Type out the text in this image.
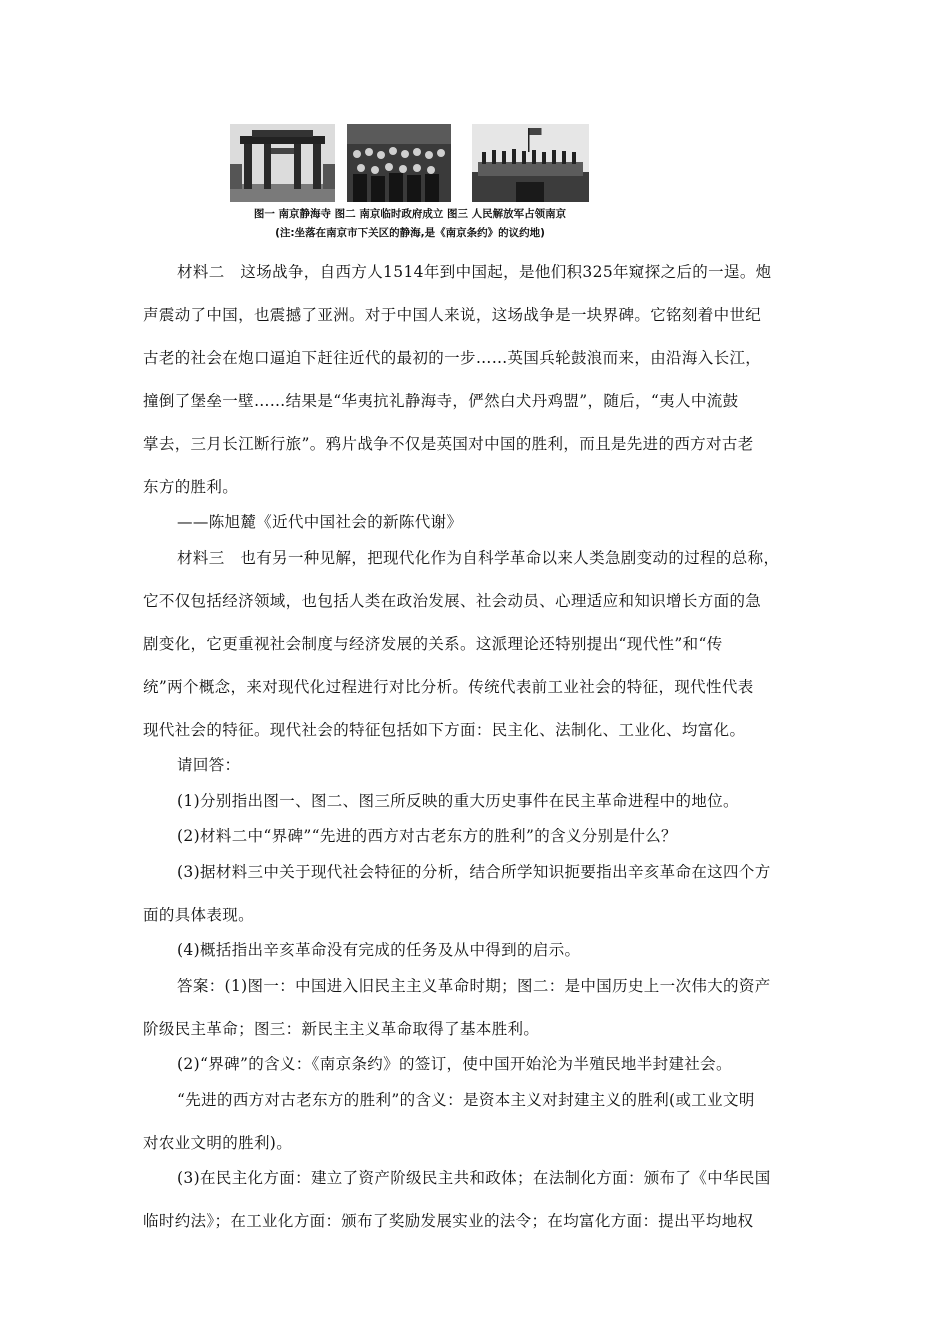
图一 南京静海寺 图二 南京临时政府成立 图三 人民解放军占领南京
(注:坐落在南京市下关区的静海,是《南京条约》的议约地)
材料二　这场战争，自西方人1514年到中国起，是他们积325年窥探之后的一逞。炮
声震动了中国，也震撼了亚洲。对于中国人来说，这场战争是一块界碑。它铭刻着中世纪
古老的社会在炮口逼迫下赶往近代的最初的一步……英国兵轮鼓浪而来，由沿海入长江，
撞倒了堡垒一壁……结果是“华夷抗礼静海寺，俨然白犬丹鸡盟”，随后，“夷人中流鼓
掌去，三月长江断行旅”。鸦片战争不仅是英国对中国的胜利，而且是先进的西方对古老
东方的胜利。
——陈旭麓《近代中国社会的新陈代谢》
材料三　也有另一种见解，把现代化作为自科学革命以来人类急剧变动的过程的总称，
它不仅包括经济领域，也包括人类在政治发展、社会动员、心理适应和知识增长方面的急
剧变化，它更重视社会制度与经济发展的关系。这派理论还特别提出“现代性”和“传
统”两个概念，来对现代化过程进行对比分析。传统代表前工业社会的特征，现代性代表
现代社会的特征。现代社会的特征包括如下方面：民主化、法制化、工业化、均富化。
请回答：
(1)分别指出图一、图二、图三所反映的重大历史事件在民主革命进程中的地位。
(2)材料二中“界碑”“先进的西方对古老东方的胜利”的含义分别是什么？
(3)据材料三中关于现代社会特征的分析，结合所学知识扼要指出辛亥革命在这四个方
面的具体表现。
(4)概括指出辛亥革命没有完成的任务及从中得到的启示。
答案：(1)图一：中国进入旧民主主义革命时期；图二：是中国历史上一次伟大的资产
阶级民主革命；图三：新民主主义革命取得了基本胜利。
(2)“界碑”的含义：《南京条约》的签订，使中国开始沦为半殖民地半封建社会。
“先进的西方对古老东方的胜利”的含义：是资本主义对封建主义的胜利(或工业文明
对农业文明的胜利)。
(3)在民主化方面：建立了资产阶级民主共和政体；在法制化方面：颁布了《中华民国
临时约法》；在工业化方面：颁布了奖励发展实业的法令；在均富化方面：提出平均地权
